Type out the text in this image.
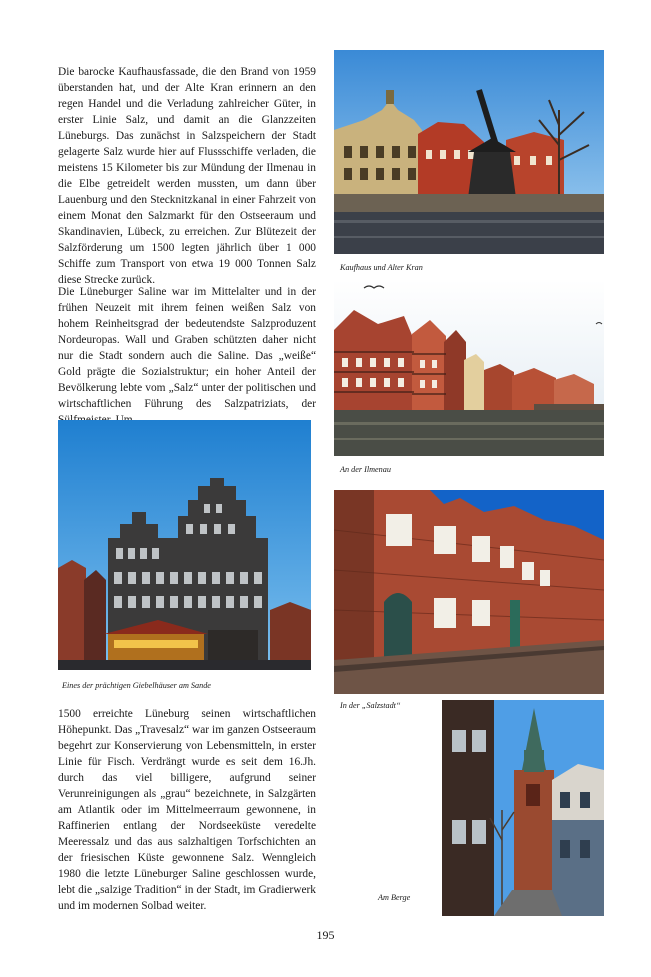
Die barocke Kaufhausfassade, die den Brand von 1959 überstanden hat, und der Alte Kran erinnern an den regen Handel und die Verladung zahlreicher Güter, in erster Linie Salz, und damit an die Glanzzeiten Lüneburgs. Das zunächst in Salzspeichern der Stadt gelagerte Salz wurde hier auf Flussschiffe verladen, die meistens 15 Kilometer bis zur Mündung der Ilmenau in die Elbe getreidelt werden mussten, um dann über Lauenburg und den Stecknitzkanal in einer Fahrzeit von einem Monat den Salzmarkt für den Ostseeraum und Skandinavien, Lübeck, zu erreichen. Zur Blütezeit der Salzförderung um 1500 legten jährlich über 1 000 Schiffe zum Transport von etwa 19 000 Tonnen Salz diese Strecke zurück.

Die Lüneburger Saline war im Mittelalter und in der frühen Neuzeit mit ihrem feinen weißen Salz von hohem Reinheitsgrad der bedeutendste Salzproduzent Nordeuropas. Wall und Graben schützten daher nicht nur die Stadt sondern auch die Saline. Das „weiße“ Gold prägte die Sozialstruktur; ein hoher Anteil der Bevölkerung lebte vom „Salz“ unter der politischen und wirtschaftlichen Führung des Salzpatriziats, der

Eines der prächtigen Giebelhäuser am Sande

1500 erreichte Lüneburg seinen wirtschaftlichen Höhepunkt. Das „Travesalz“ war im ganzen Ostseeraum begehrt zur Konservierung von Lebensmitteln, in erster Linie für Fisch. Verdrängt wurde es seit dem 16.Jh. durch das viel billigere, aufgrund seiner Verunreinigungen als „grau“ bezeichnete, in Salzgärten am Atlantik oder im Mittelmeerraum gewonnene, in Raffinerien entlang der Nordseeküste veredelte Meeressalz und das aus salzhaltigen Torfschichten an der friesischen Küste gewonnene Salz. Wenngleich 1980 die letzte Lüneburger Saline geschlossen wurde, lebt die „salzige Tradition“ in der Stadt, im Gradierwerk und im modernen Solbad weiter.

Kaufhaus und Alter Kran

An der Ilmenau

In der „Salzstadt“

Am Berge

195
